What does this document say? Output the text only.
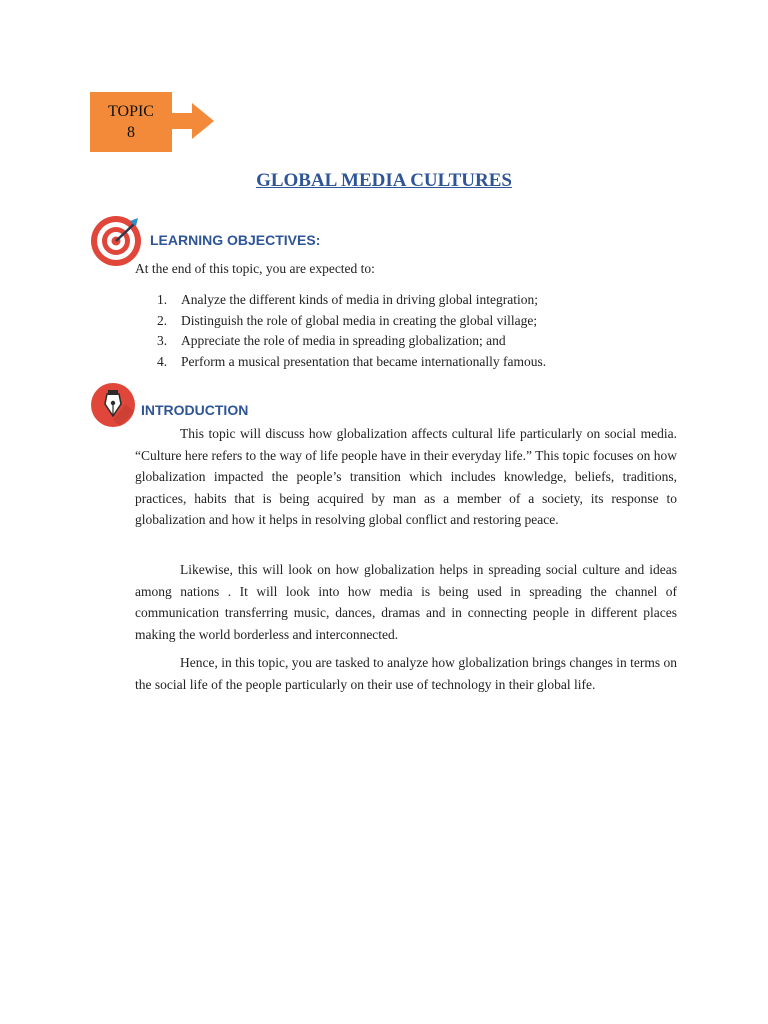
TOPIC
8
GLOBAL MEDIA CULTURES
LEARNING OBJECTIVES:
At the end of this topic, you are expected to:
1. Analyze the different kinds of media in driving global integration;
2. Distinguish the role of global media in creating the global village;
3. Appreciate the role of media in spreading globalization; and
4. Perform a musical presentation that became internationally famous.
INTRODUCTION

This topic will discuss how globalization affects cultural life particularly on social media. “Culture here refers to the way of life people have in their everyday life.” This topic focuses on how globalization impacted the people’s transition which includes knowledge, beliefs, traditions, practices, habits that is being acquired by man as a member of a society, its response to globalization and how it helps in resolving global conflict and restoring peace.

Likewise, this will look on how globalization helps in spreading social culture and ideas among nations . It will look into how media is being used in spreading the channel of communication transferring music, dances, dramas and in connecting people in different places making the world borderless and interconnected.

Hence, in this topic, you are tasked to analyze how globalization brings changes in terms on the social life of the people particularly on their use of technology in their global life.
